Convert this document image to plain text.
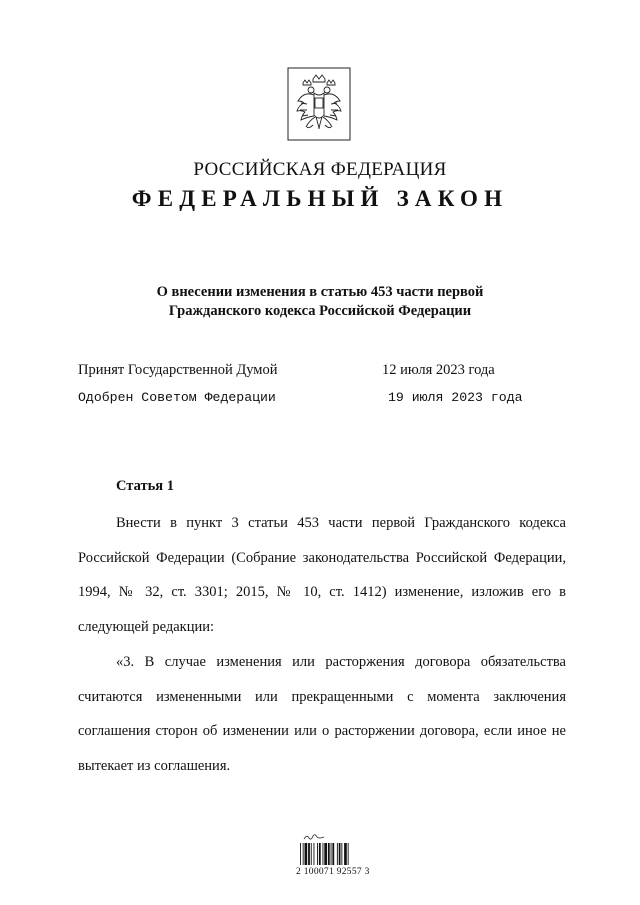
РОССИЙСКАЯ ФЕДЕРАЦИЯ
ФЕДЕРАЛЬНЫЙ ЗАКОН
О внесении изменения в статью 453 части первой
Гражданского кодекса Российской Федерации
Принят Государственной Думой	12 июля 2023 года
Одобрен Советом Федерации	19 июля 2023 года
Статья 1
Внести в пункт 3 статьи 453 части первой Гражданского кодекса Российской Федерации (Собрание законодательства Российской Федерации, 1994, № 32, ст. 3301; 2015, № 10, ст. 1412) изменение, изложив его в следующей редакции:
«3. В случае изменения или расторжения договора обязательства считаются измененными или прекращенными с момента заключения соглашения сторон об изменении или о расторжении договора, если иное не вытекает из соглашения.
2 100071 92557 3
